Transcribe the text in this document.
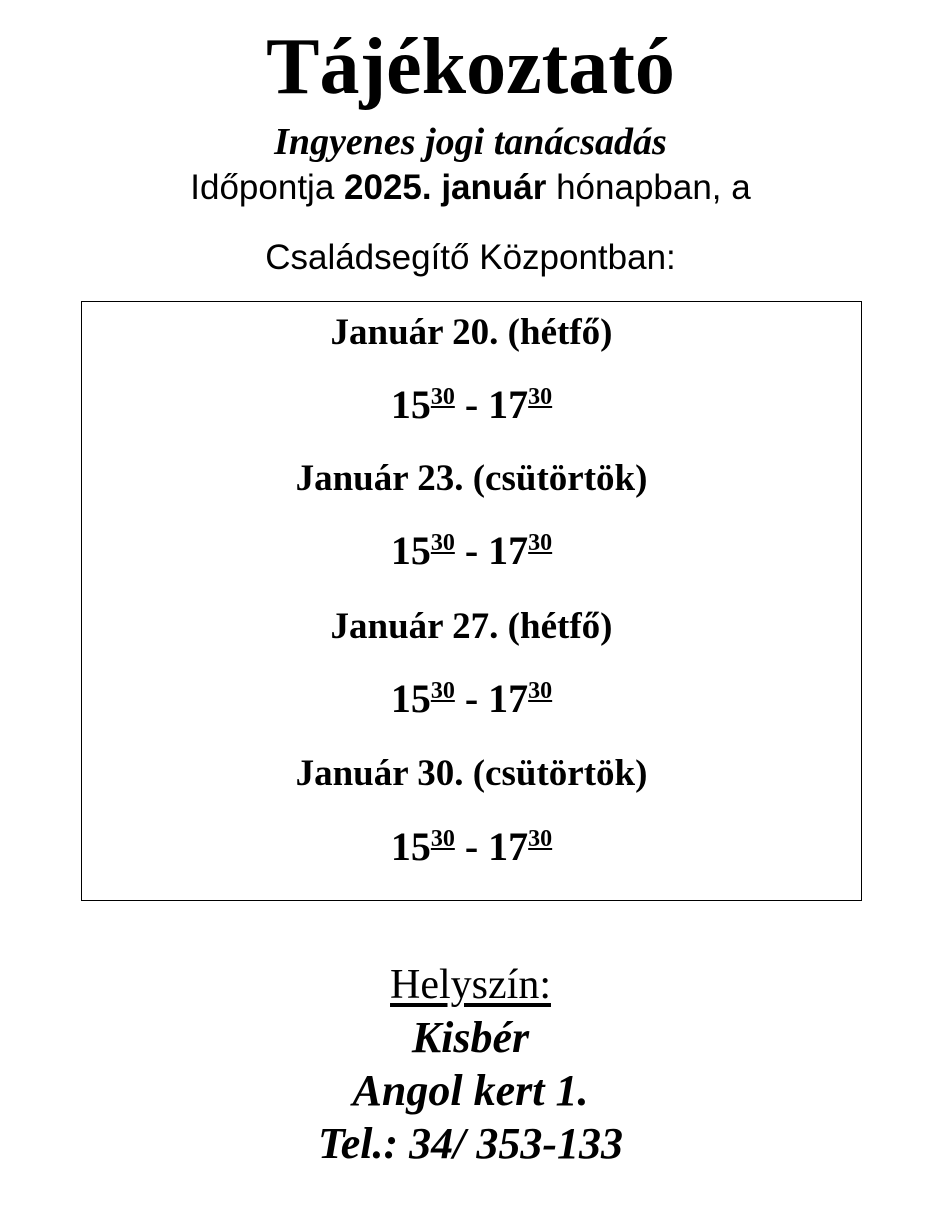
Tájékoztató
Ingyenes jogi tanácsadás
Időpontja 2025. január hónapban, a
Családsegítő Központban:
Január 20. (hétfő)
$15^{30} - 17^{30}$
Január 23. (csütörtök)
$15^{30} - 17^{30}$
Január 27. (hétfő)
$15^{30} - 17^{30}$
Január 30. (csütörtök)
$15^{30} - 17^{30}$
Helyszín:
Kisbér
Angol kert 1.
Tel.: 34/ 353-133
